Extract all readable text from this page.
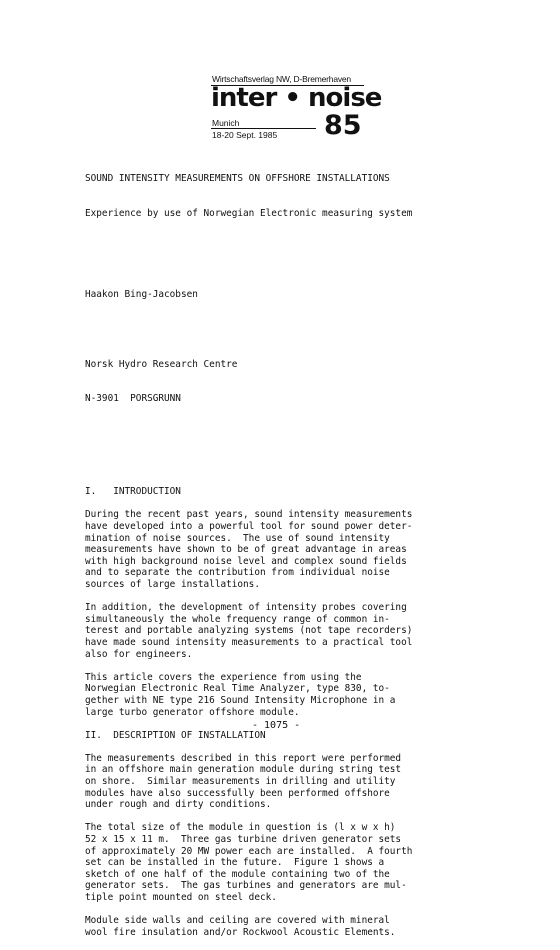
Wirtschaftsverlag NW, D-Bremerhaven
inter • noise
Munich
18-20 Sept. 1985 85

SOUND INTENSITY MEASUREMENTS ON OFFSHORE INSTALLATIONS

Experience by use of Norwegian Electronic measuring system

Haakon Bing-Jacobsen

Norsk Hydro Research Centre

N-3901  PORSGRUNN

I.   INTRODUCTION
During the recent past years, sound intensity measurements
have developed into a powerful tool for sound power deter-
mination of noise sources.  The use of sound intensity
measurements have shown to be of great advantage in areas
with high background noise level and complex sound fields
and to separate the contribution from individual noise
sources of large installations.
In addition, the development of intensity probes covering
simultaneously the whole frequency range of common in-
terest and portable analyzing systems (not tape recorders)
have made sound intensity measurements to a practical tool
also for engineers.
This article covers the experience from using the
Norwegian Electronic Real Time Analyzer, type 830, to-
gether with NE type 216 Sound Intensity Microphone in a
large turbo generator offshore module.
II.  DESCRIPTION OF INSTALLATION
The measurements described in this report were performed
in an offshore main generation module during string test
on shore.  Similar measurements in drilling and utility
modules have also successfully been performed offshore
under rough and dirty conditions.
The total size of the module in question is (l x w x h)
52 x 15 x 11 m.  Three gas turbine driven generator sets
of approximately 20 MW power each are installed.  A fourth
set can be installed in the future.  Figure 1 shows a
sketch of one half of the module containing two of the
generator sets.  The gas turbines and generators are mul-
tiple point mounted on steel deck.
Module side walls and ceiling are covered with mineral
wool fire insulation and/or Rockwool Acoustic Elements.

- 1075 -
